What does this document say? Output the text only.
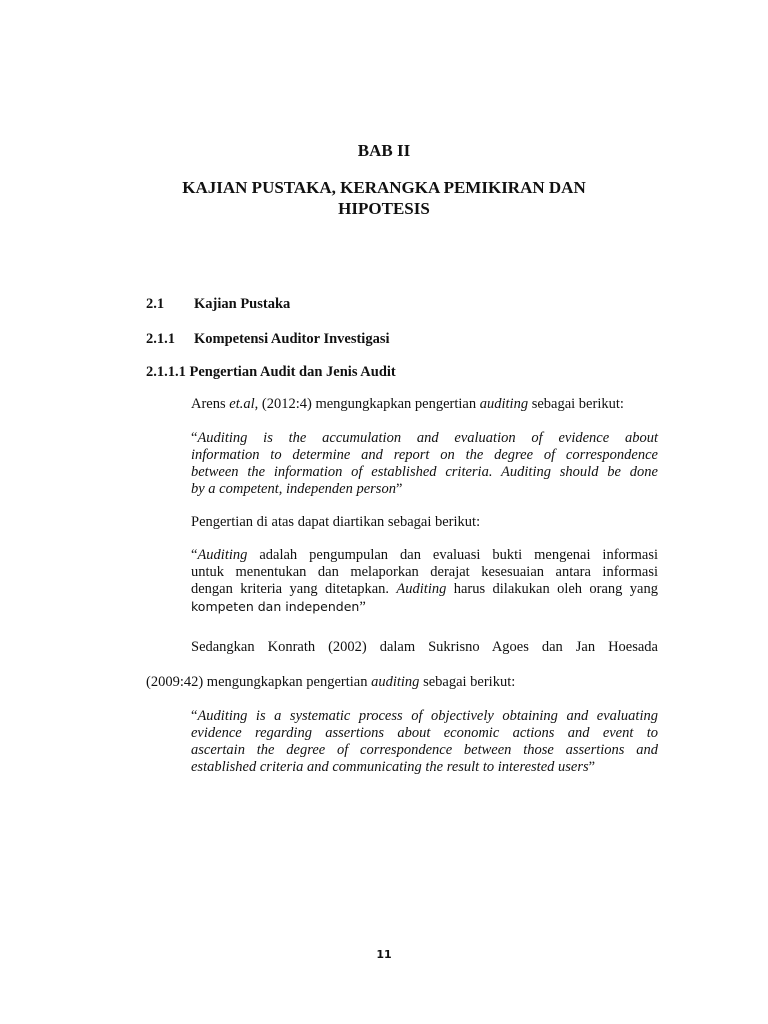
BAB II
KAJIAN PUSTAKA, KERANGKA PEMIKIRAN DAN
HIPOTESIS
2.1 Kajian Pustaka
2.1.1 Kompetensi Auditor Investigasi
2.1.1.1 Pengertian Audit dan Jenis Audit
Arens et.al, (2012:4) mengungkapkan pengertian auditing sebagai berikut:
“Auditing is the accumulation and evaluation of evidence about
information to determine and report on the degree of correspondence
between the information of established criteria. Auditing should be done
by a competent, independen person”
Pengertian di atas dapat diartikan sebagai berikut:
“Auditing adalah pengumpulan dan evaluasi bukti mengenai informasi
untuk menentukan dan melaporkan derajat kesesuaian antara informasi
dengan kriteria yang ditetapkan. Auditing harus dilakukan oleh orang yang
kompeten dan independen”
Sedangkan Konrath (2002) dalam Sukrisno Agoes dan Jan Hoesada
(2009:42) mengungkapkan pengertian auditing sebagai berikut:
“Auditing is a systematic process of objectively obtaining and evaluating
evidence regarding assertions about economic actions and event to
ascertain the degree of correspondence between those assertions and
established criteria and communicating the result to interested users”
11
